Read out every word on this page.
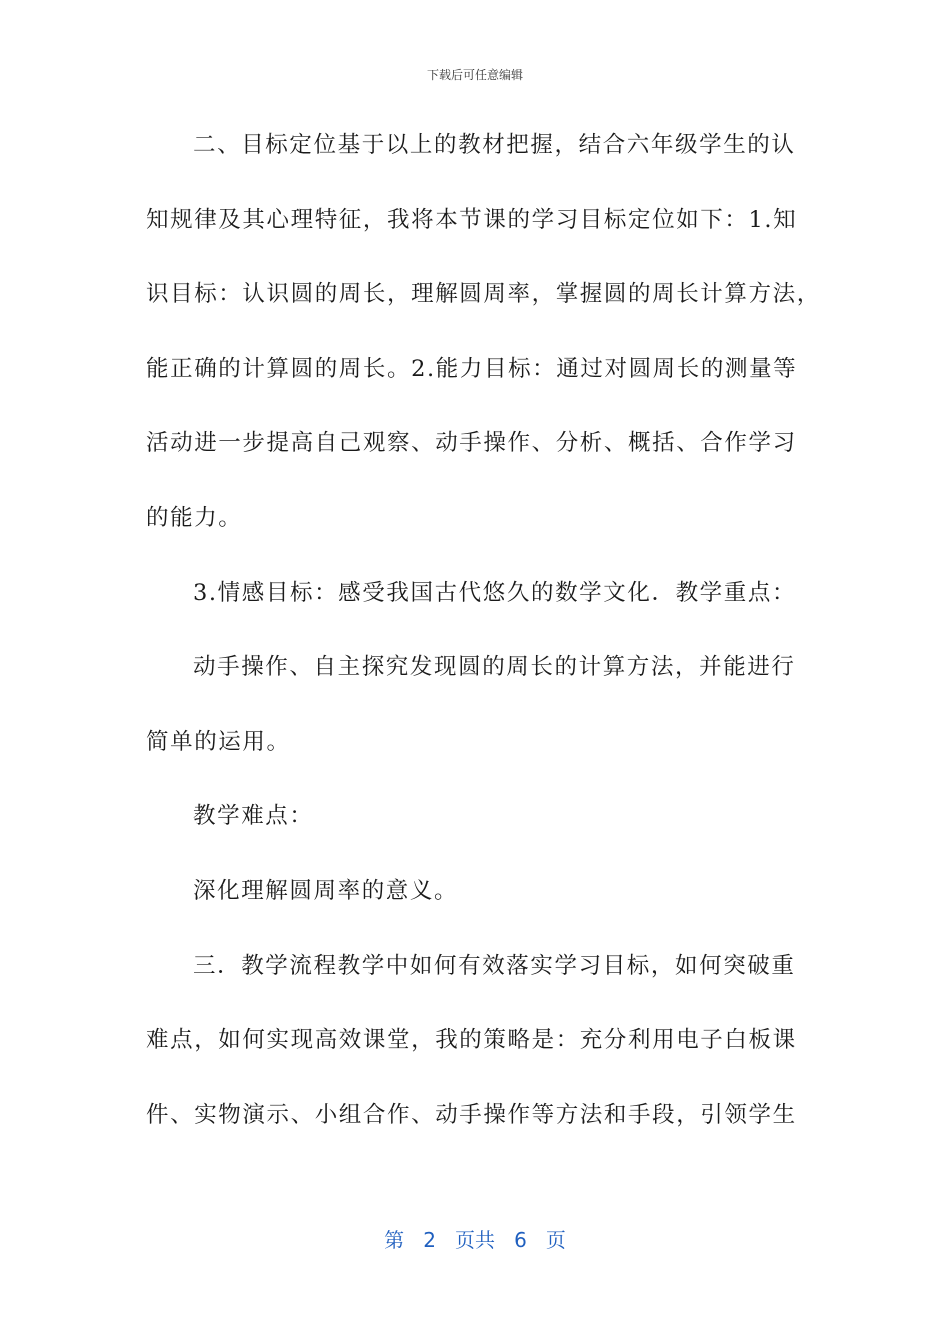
下载后可任意编辑
二、目标定位基于以上的教材把握，结合六年级学生的认
知规律及其心理特征，我将本节课的学习目标定位如下：1.知
识目标：认识圆的周长，理解圆周率，掌握圆的周长计算方法，
能正确的计算圆的周长。2.能力目标：通过对圆周长的测量等
活动进一步提高自己观察、动手操作、分析、概括、合作学习
的能力。
3.情感目标：感受我国古代悠久的数学文化．教学重点：
动手操作、自主探究发现圆的周长的计算方法，并能进行
简单的运用。
教学难点：
深化理解圆周率的意义。
三．教学流程教学中如何有效落实学习目标，如何突破重
难点，如何实现高效课堂，我的策略是：充分利用电子白板课
件、实物演示、小组合作、动手操作等方法和手段，引领学生
第 2 页共 6 页
